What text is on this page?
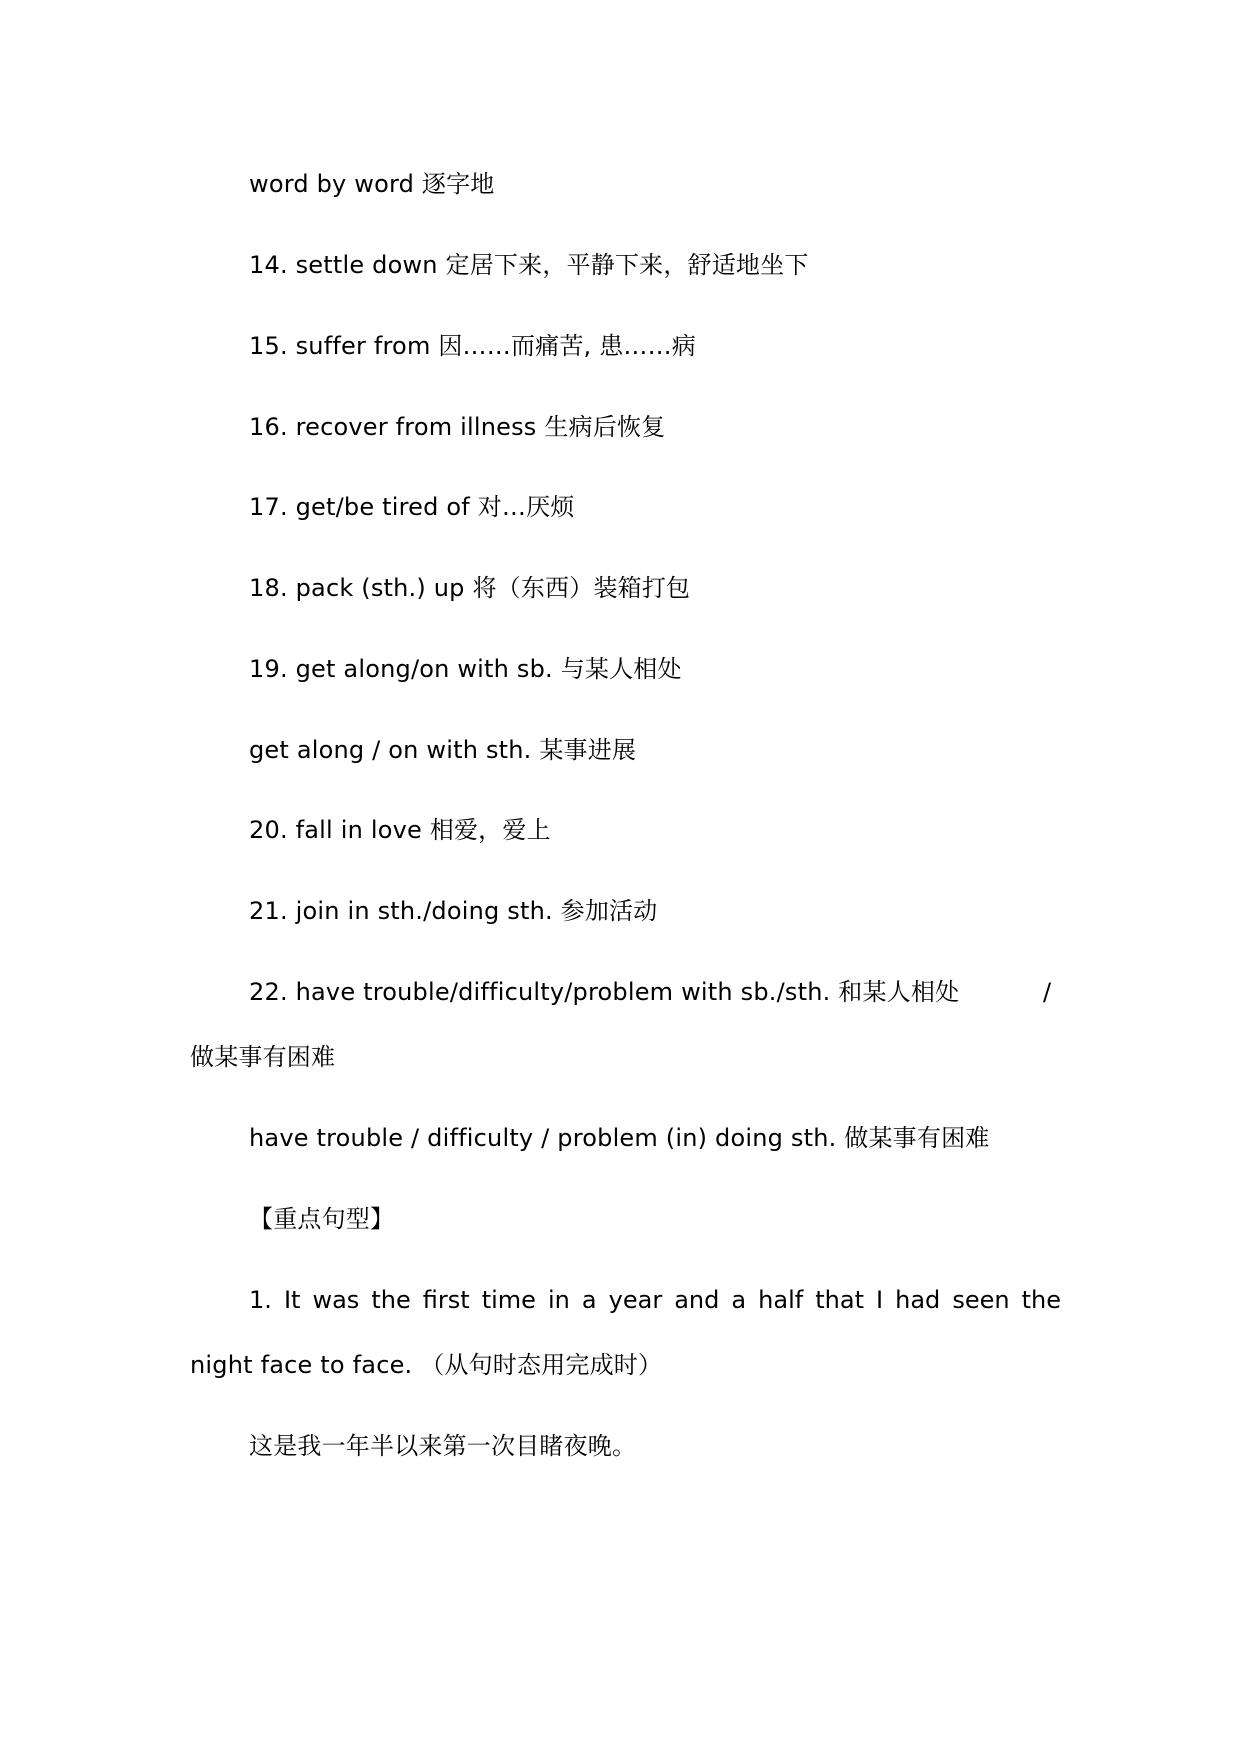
word by word 逐字地
14. settle down 定居下来，平静下来，舒适地坐下
15. suffer from 因……而痛苦, 患……病
16. recover from illness 生病后恢复
17. get/be tired of 对…厌烦
18. pack (sth.) up 将（东西）装箱打包
19. get along/on with sb. 与某人相处
get along / on with sth. 某事进展
20. fall in love 相爱，爱上
21. join in sth./doing sth. 参加活动
22. have trouble/difficulty/problem with sb./sth. 和某人相处	/
做某事有困难
have trouble / difficulty / problem (in) doing sth. 做某事有困难
【重点句型】
1. It was the first time in a year and a half that I had seen the
night face to face. （从句时态用完成时）
这是我一年半以来第一次目睹夜晚。
